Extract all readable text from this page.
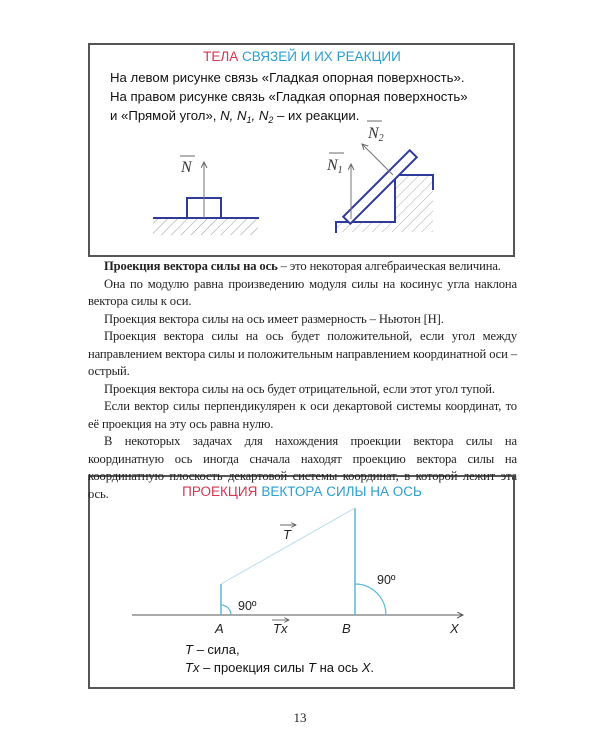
ТЕЛА СВЯЗЕЙ И ИХ РЕАКЦИИ
На левом рисунке связь «Гладкая опорная поверхность».
На правом рисунке связь «Гладкая опорная поверхность»
и «Прямой угол», N, $N_1$, $N_2$ – их реакции.
N	N1
N2
ПРОЕКЦИЯ ВЕКТОРА СИЛЫ НА ОСЬ
T
90º
90º
A	Tx	B	X
T – сила,
Tx – проекция силы T на ось X.

Проекция вектора силы на ось – это некоторая алгебраическая величина.

Она по модулю равна произведению модуля силы на косинус угла наклона вектора силы к оси.

Проекция вектора силы на ось имеет размерность – Ньютон [Н].

Проекция вектора силы на ось будет положительной, если угол между направлением вектора силы и положительным направлением координатной оси – острый.

Проекция вектора силы на ось будет отрицательной, если этот угол тупой.

Если вектор силы перпендикулярен к оси декартовой системы координат, то её проекция на эту ось равна нулю.

В некоторых задачах для нахождения проекции вектора силы на координатную ось иногда сначала находят проекцию вектора силы на координатную плоскость декартовой системы координат, в которой лежит эта ось.

13
